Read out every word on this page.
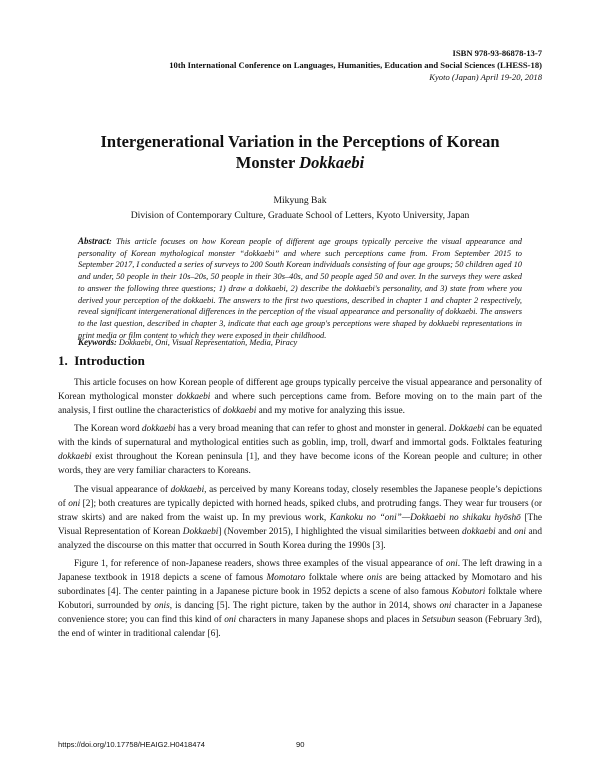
ISBN 978-93-86878-13-7
10th International Conference on Languages, Humanities, Education and Social Sciences (LHESS-18)
Kyoto (Japan) April 19-20, 2018
Intergenerational Variation in the Perceptions of Korean
Monster Dokkaebi
Mikyung Bak
Division of Contemporary Culture, Graduate School of Letters, Kyoto University, Japan
Abstract: This article focuses on how Korean people of different age groups typically perceive the visual appearance and personality of Korean mythological monster “dokkaebi” and where such perceptions came from. From September 2015 to September 2017, I conducted a series of surveys to 200 South Korean individuals consisting of four age groups; 50 children aged 10 and under, 50 people in their 10s–20s, 50 people in their 30s–40s, and 50 people aged 50 and over. In the surveys they were asked to answer the following three questions; 1) draw a dokkaebi, 2) describe the dokkaebi's personality, and 3) state from where you derived your perception of the dokkaebi. The answers to the first two questions, described in chapter 1 and chapter 2 respectively, reveal significant intergenerational differences in the perception of the visual appearance and personality of dokkaebi. The answers to the last question, described in chapter 3, indicate that each age group's perceptions were shaped by dokkaebi representations in print media or film content to which they were exposed in their childhood.
Keywords: Dokkaebi, Oni, Visual Representation, Media, Piracy
1. Introduction

This article focuses on how Korean people of different age groups typically perceive the visual appearance and personality of Korean mythological monster dokkaebi and where such perceptions came from. Before moving on to the main part of the analysis, I first outline the characteristics of dokkaebi and my motive for analyzing this issue.

The Korean word dokkaebi has a very broad meaning that can refer to ghost and monster in general. Dokkaebi can be equated with the kinds of supernatural and mythological entities such as goblin, imp, troll, dwarf and immortal gods. Folktales featuring dokkaebi exist throughout the Korean peninsula [1], and they have become icons of the Korean people and culture; in other words, they are very familiar characters to Koreans.

The visual appearance of dokkaebi, as perceived by many Koreans today, closely resembles the Japanese people’s depictions of oni [2]; both creatures are typically depicted with horned heads, spiked clubs, and protruding fangs. They wear fur trousers (or straw skirts) and are naked from the waist up. In my previous work, Kankoku no “oni”—Dokkaebi no shikaku hyōshō [The Visual Representation of Korean Dokkaebi] (November 2015), I highlighted the visual similarities between dokkaebi and oni and analyzed the discourse on this matter that occurred in South Korea during the 1990s [3].

Figure 1, for reference of non-Japanese readers, shows three examples of the visual appearance of oni. The left drawing in a Japanese textbook in 1918 depicts a scene of famous Momotaro folktale where onis are being attacked by Momotaro and his subordinates [4]. The center painting in a Japanese picture book in 1952 depicts a scene of also famous Kobutori folktale where Kobutori, surrounded by onis, is dancing [5]. The right picture, taken by the author in 2014, shows oni character in a Japanese convenience store; you can find this kind of oni characters in many Japanese shops and places in Setsubun season (February 3rd), the end of winter in traditional calendar [6].

https://doi.org/10.17758/HEAIG2.H0418474	90
